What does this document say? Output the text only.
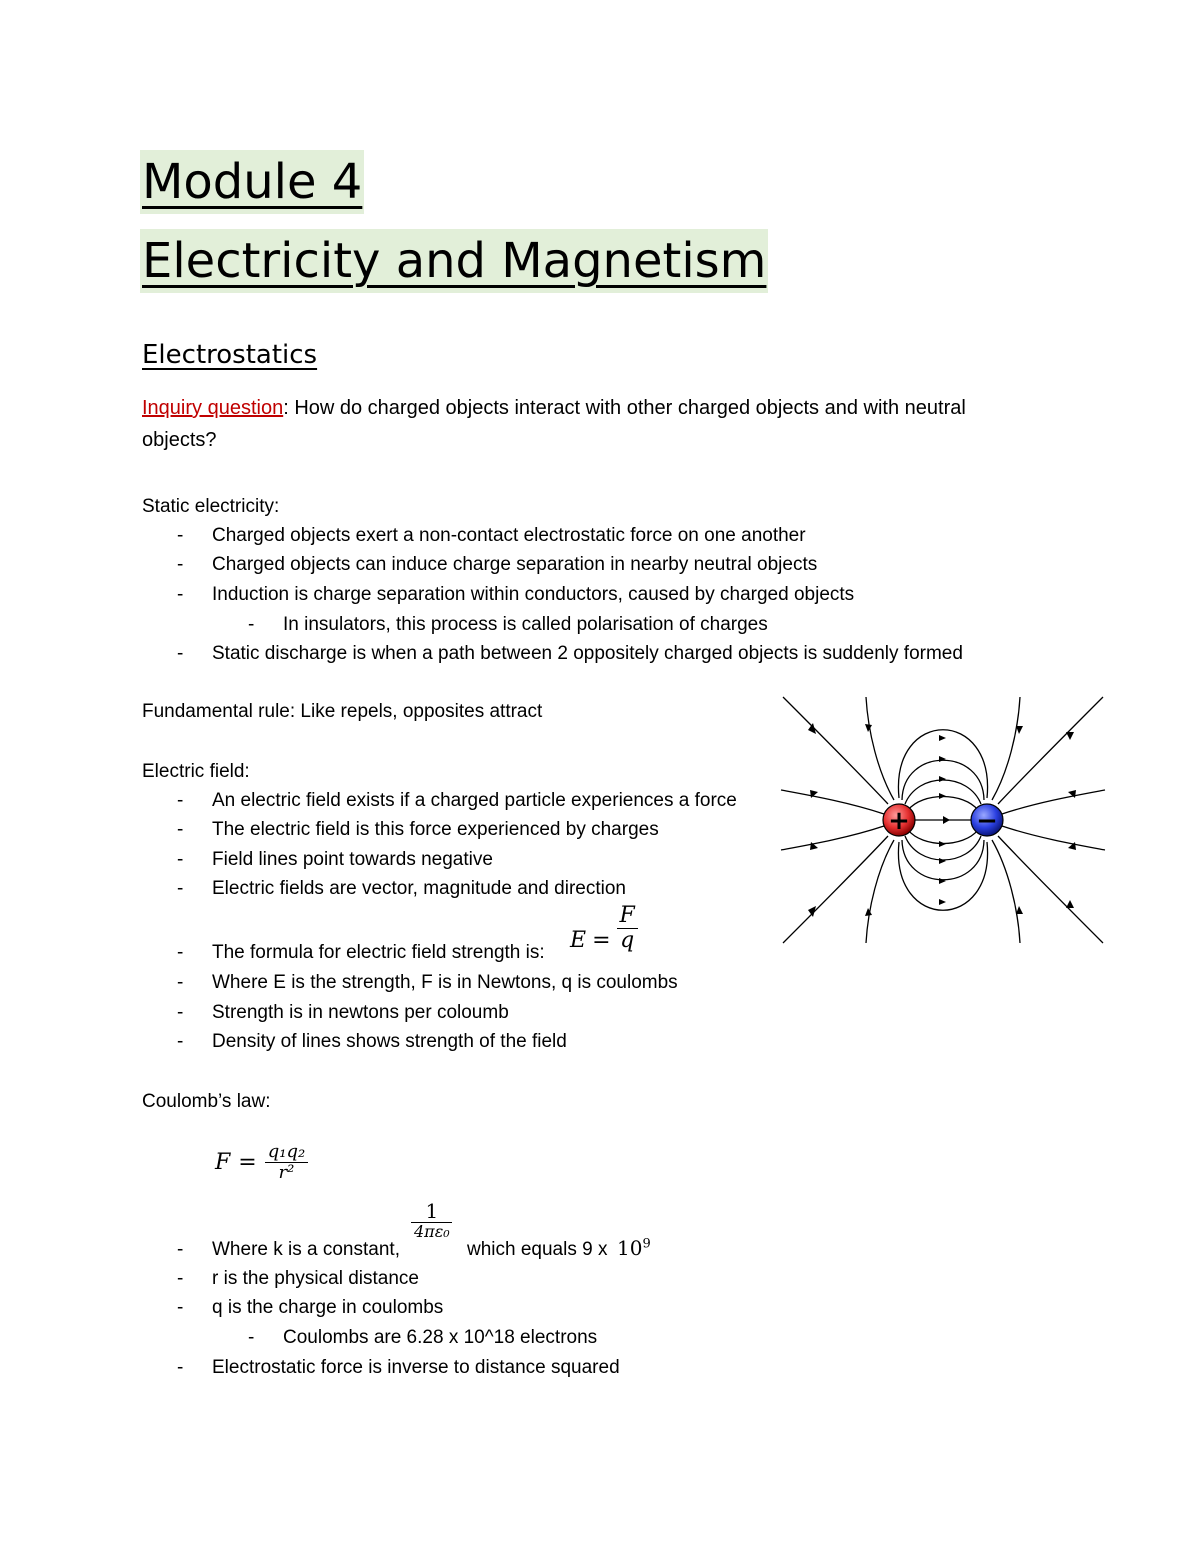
Module 4
Electricity and Magnetism
Electrostatics
Inquiry question: How do charged objects interact with other charged objects and with neutral
objects?
Static electricity:
- Charged objects exert a non-contact electrostatic force on one another
- Charged objects can induce charge separation in nearby neutral objects
- Induction is charge separation within conductors, caused by charged objects
- In insulators, this process is called polarisation of charges
- Static discharge is when a path between 2 oppositely charged objects is suddenly formed
Fundamental rule: Like repels, opposites attract
Electric field:
- An electric field exists if a charged particle experiences a force
- The electric field is this force experienced by charges
- Field lines point towards negative
- Electric fields are vector, magnitude and direction
- The formula for electric field strength is: $E = \frac{F}{q}$
- Where E is the strength, F is in Newtons, q is coulombs
- Strength is in newtons per coloumb
- Density of lines shows strength of the field
Coulomb’s law:
$F = \frac{\text{q₁q₂}}{\text{r²}}$
$\frac{1}{\text{4πε₀}}$
- Where k is a constant,	which equals 9 x $10^9$
- r is the physical distance
- q is the charge in coulombs
- Coulombs are 6.28 x 10^18 electrons
- Electrostatic force is inverse to distance squared
+	−
